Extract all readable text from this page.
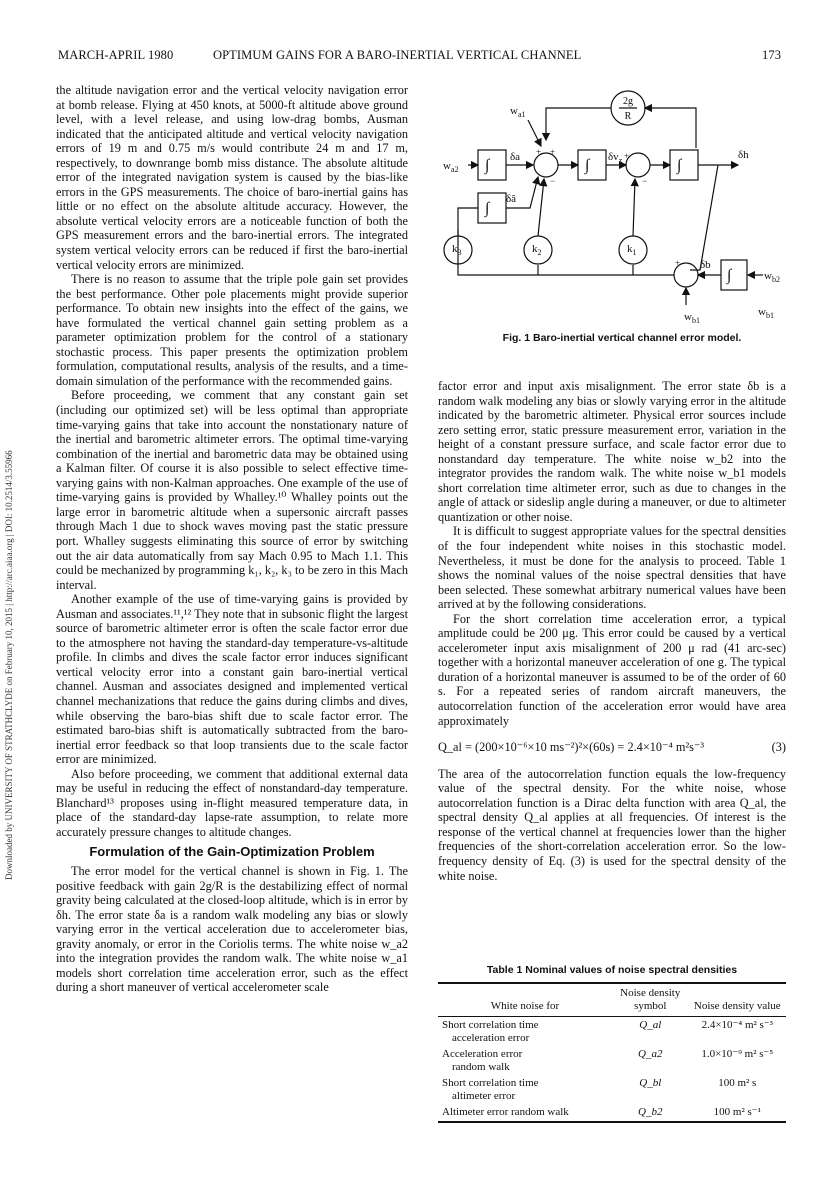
MARCH-APRIL 1980	OPTIMUM GAINS FOR A BARO-INERTIAL VERTICAL CHANNEL	173
Downloaded by UNIVERSITY OF STRATHCLYDE on February 10, 2015 | http://arc.aiaa.org | DOI: 10.2514/3.55966

the altitude navigation error and the vertical velocity navigation error at bomb release. Flying at 450 knots, at 5000-ft altitude above ground level, with a level release, and using low-drag bombs, Ausman indicated that the anticipated altitude and vertical velocity navigation errors of 19 m and 0.75 m/s would contribute 24 m and 17 m, respectively, to downrange bomb miss distance. The absolute altitude error of the integrated navigation system is caused by the bias-like errors in the GPS measurements. The choice of baro-inertial gains has little or no effect on the absolute altitude accuracy. However, the absolute vertical velocity errors are a noticeable function of both the GPS measurement errors and the baro-inertial errors. The integrated system vertical velocity errors can be reduced if first the baro-inertial vertical velocity errors are minimized.

There is no reason to assume that the triple pole gain set provides the best performance. Other pole placements might provide superior performance. To obtain new insights into the effect of the gains, we have formulated the vertical channel gain setting problem as a parameter optimization problem for the control of a stationary stochastic process. This paper presents the optimization problem formulation, computational results, analysis of the results, and a time-domain simulation of the performance with the recommended gains.

Before proceeding, we comment that any constant gain set (including our optimized set) will be less optimal than appropriate time-varying gains that take into account the nonstationary nature of the inertial and barometric altimeter errors. The optimal time-varying combination of the inertial and barometric data may be obtained using a Kalman filter. Of course it is also possible to select effective time-varying gains with non-Kalman approaches. One example of the use of time-varying gains is provided by Whalley.¹⁰ Whalley points out the large error in barometric altitude when a supersonic aircraft passes through Mach 1 due to shock waves moving past the static pressure port. Whalley suggests eliminating this source of error by switching out the air data automatically from say Mach 0.95 to Mach 1.1. This could be mechanized by programming k₁, k₂, k₃ to be zero in this Mach interval.

Another example of the use of time-varying gains is provided by Ausman and associates.¹¹,¹² They note that in subsonic flight the largest source of barometric altimeter error is often the scale factor error due to the atmosphere not having the standard-day temperature-vs-altitude profile. In climbs and dives the scale factor error induces significant vertical velocity error into a constant gain baro-inertial vertical channel. Ausman and associates designed and implemented vertical channel mechanizations that reduce the gains during climbs and dives, while observing the baro-bias shift due to scale factor error. The estimated baro-bias shift is automatically subtracted from the baro-inertial error feedback so that loop transients due to the scale factor error are minimized.

Also before proceeding, we comment that additional external data may be useful in reducing the effect of nonstandard-day temperature. Blanchard¹³ proposes using in-flight measured temperature data, in place of the standard-day lapse-rate assumption, to relate more accurately pressure changes to altitude changes.

Formulation of the Gain-Optimization Problem

The error model for the vertical channel is shown in Fig. 1. The positive feedback with gain 2g/R is the destabilizing effect of normal gravity being calculated at the closed-loop altitude, which is in error by δh. The error state δa is a random walk modeling any bias or slowly varying error in the vertical acceleration due to accelerometer bias, gravity anomaly, or error in the Coriolis terms. The white noise w_a2 into the integration provides the random walk. The white noise w_a1 models short correlation time acceleration error, such as the effect during a short maneuver of vertical accelerometer scale

2g
R
$w_{a1}$
$w_{a2}$
$w_{b1}$
$w_{b1}$
$w_{b2}$
δa
δâ
$\delta v_z$	δh
δb
∫	∫	∫
∫
∫
$k_3$	$k_2$	$k_1$
+ +
−
+
−
+
Fig. 1 Baro-inertial vertical channel error model.

factor error and input axis misalignment. The error state δb is a random walk modeling any bias or slowly varying error in the altitude indicated by the barometric altimeter. Physical error sources include zero setting error, static pressure measurement error, variation in the height of a constant pressure surface, and scale factor error due to nonstandard day temperature. The white noise w_b2 into the integrator provides the random walk. The white noise w_b1 models short correlation time altimeter error, such as due to changes in the angle of attack or sideslip angle during a maneuver, or due to altimeter quantization or other noise.

It is difficult to suggest appropriate values for the spectral densities of the four independent white noises in this stochastic model. Nevertheless, it must be done for the analysis to proceed. Table 1 shows the nominal values of the noise spectral densities that have been selected. These somewhat arbitrary numerical values have been arrived at by the following considerations.

For the short correlation time acceleration error, a typical amplitude could be 200 μg. This error could be caused by a vertical accelerometer input axis misalignment of 200 μ rad (41 arc-sec) together with a horizontal maneuver acceleration of one g. The typical duration of a horizontal maneuver is assumed to be of the order of 60 s. For a repeated series of random aircraft maneuvers, the autocorrelation function of the acceleration error would have area approximately

Q_al = (200×10⁻⁶×10 ms⁻²)²×(60s) = 2.4×10⁻⁴ m²s⁻³	(3)

The area of the autocorrelation function equals the low-frequency value of the spectral density. For the white noise, whose autocorrelation function is a Dirac delta function with area Q_al, the spectral density Q_al applies at all frequencies. Of interest is the response of the vertical channel at frequencies lower than the higher frequencies of the short-correlation acceleration error. So the low-frequency density of Eq. (3) is used for the spectral density of the white noise.

Table 1 Nominal values of noise spectral densities
White noise for	Noise density symbol	Noise density value
Short correlation time
acceleration error	Q_al	2.4×10⁻⁴ m² s⁻³
Acceleration error
random walk	Q_a2	1.0×10⁻⁹ m² s⁻⁵
Short correlation time
altimeter error	Q_bl	100 m² s
Altimeter error random walk	Q_b2	100 m² s⁻¹
